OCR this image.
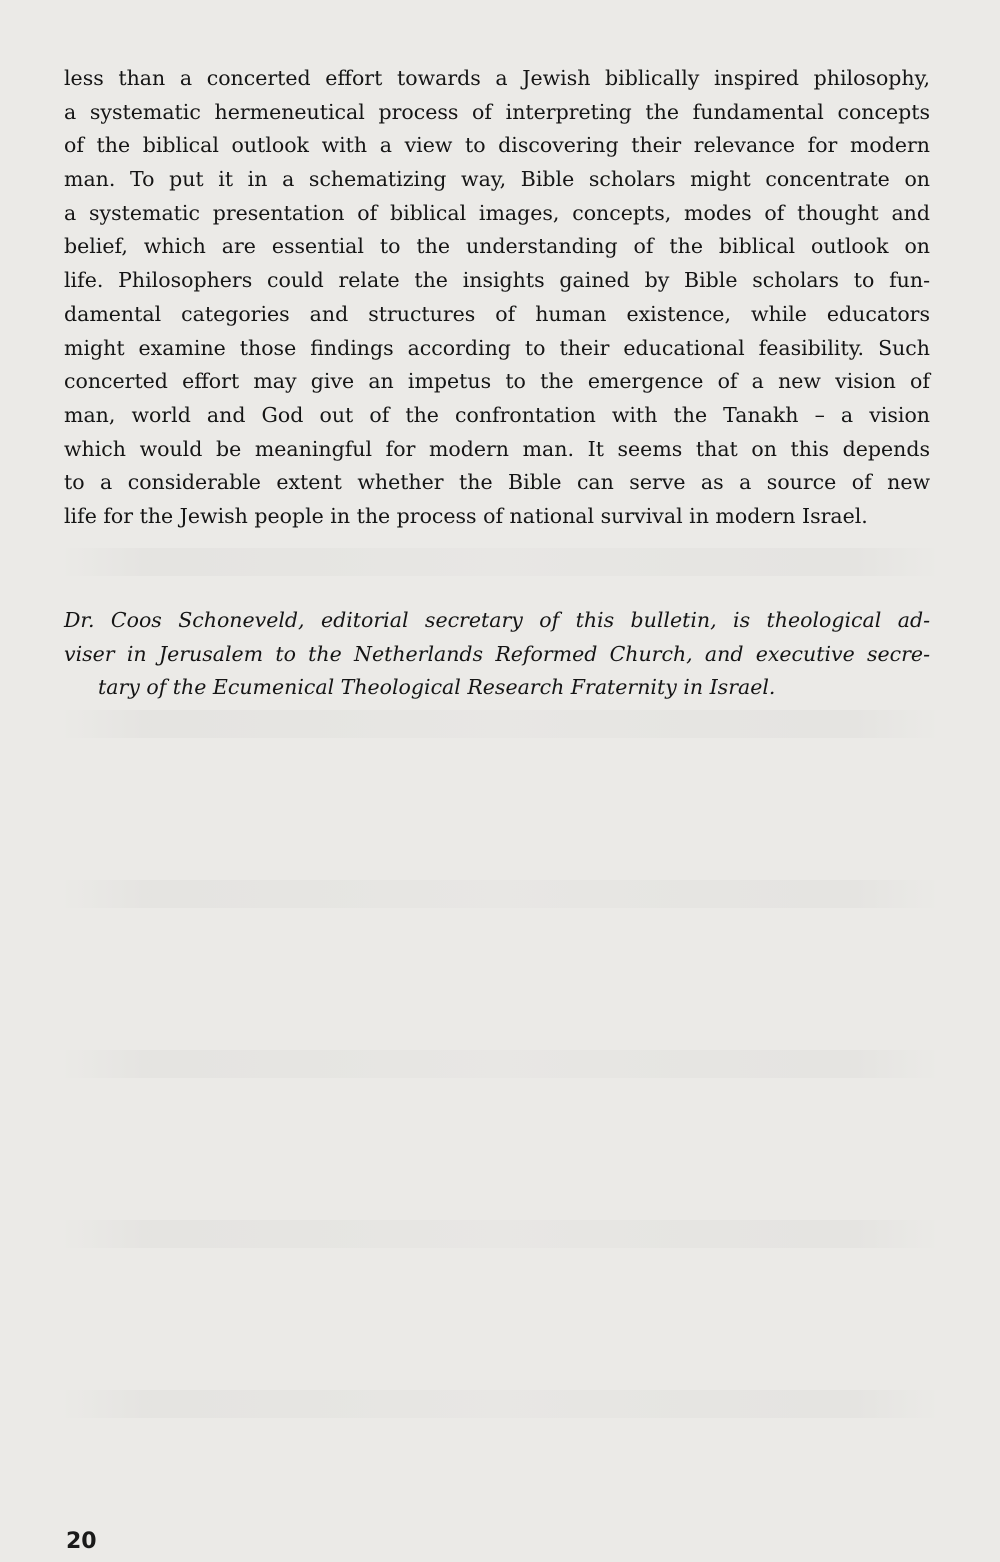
less than a concerted effort towards a Jewish biblically inspired philosophy,
a systematic hermeneutical process of interpreting the fundamental concepts
of the biblical outlook with a view to discovering their relevance for modern
man. To put it in a schematizing way, Bible scholars might concentrate on
a systematic presentation of biblical images, concepts, modes of thought and
belief, which are essential to the understanding of the biblical outlook on
life. Philosophers could relate the insights gained by Bible scholars to fun-
damental categories and structures of human existence, while educators
might examine those findings according to their educational feasibility. Such
concerted effort may give an impetus to the emergence of a new vision of
man, world and God out of the confrontation with the Tanakh – a vision
which would be meaningful for modern man. It seems that on this depends
to a considerable extent whether the Bible can serve as a source of new
life for the Jewish people in the process of national survival in modern Israel.
Dr. Coos Schoneveld, editorial secretary of this bulletin, is theological ad-
viser in Jerusalem to the Netherlands Reformed Church, and executive secre-
tary of the Ecumenical Theological Research Fraternity in Israel.
20
